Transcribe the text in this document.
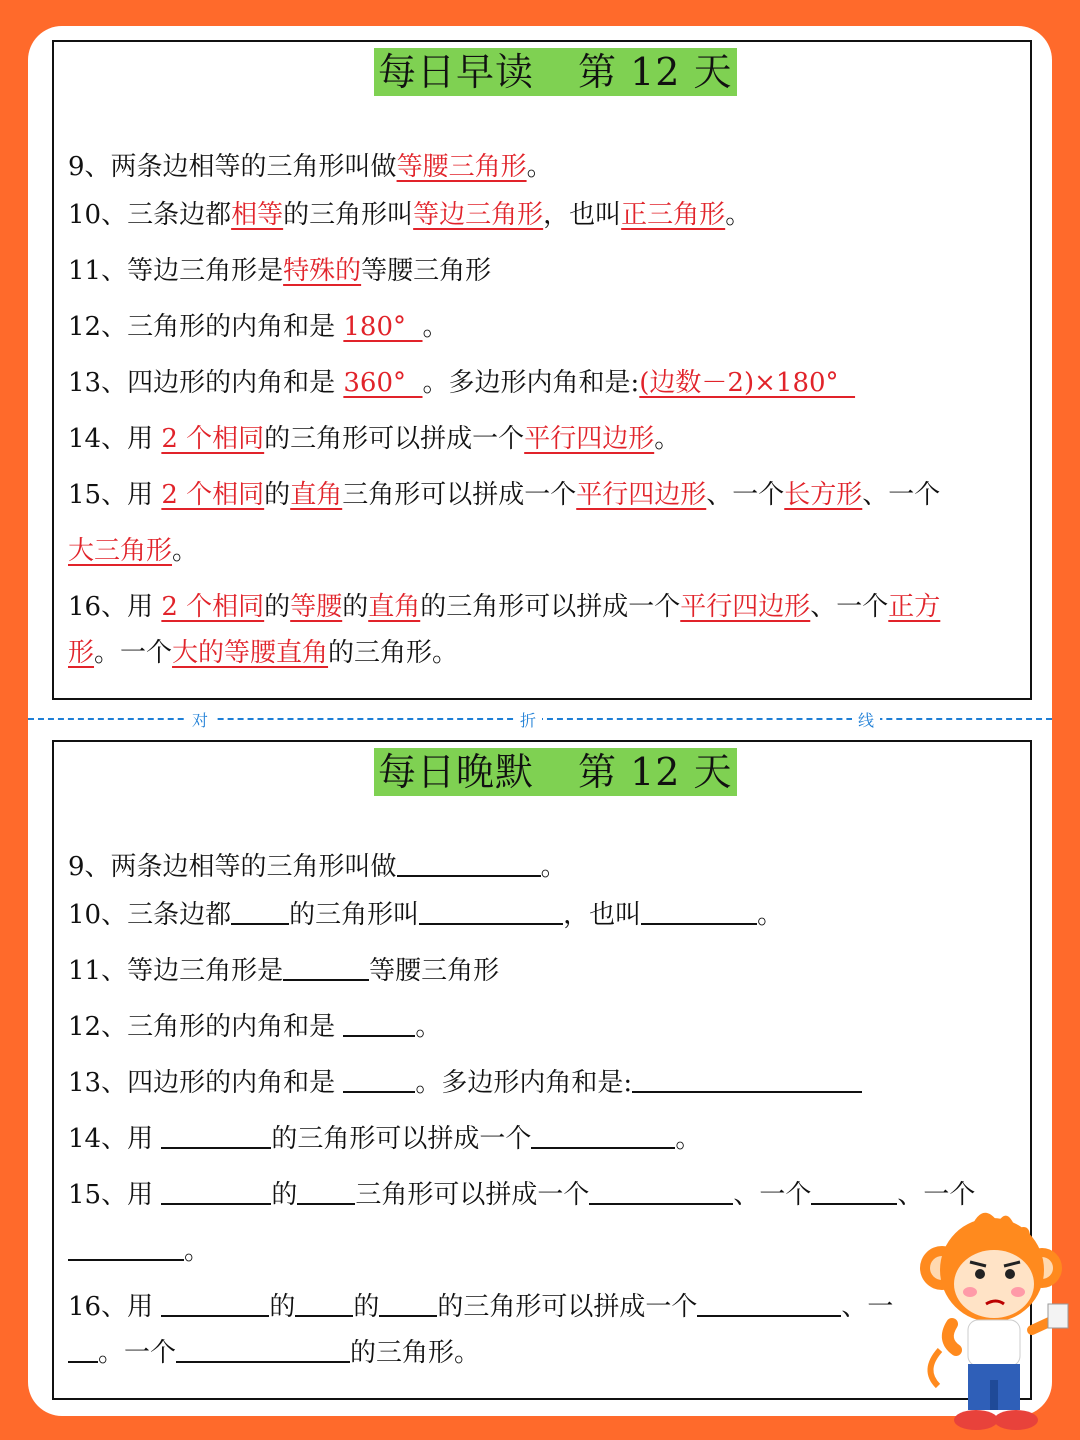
每日早读 第 12 天
9、两条边相等的三角形叫做等腰三角形。
10、三条边都相等的三角形叫等边三角形，也叫正三角形。
11、等边三角形是特殊的等腰三角形
12、三角形的内角和是 180°  。
13、四边形的内角和是 360°  。多边形内角和是:(边数－2)×180°
14、用 2 个相同的三角形可以拼成一个平行四边形。
15、用 2 个相同的直角三角形可以拼成一个平行四边形、一个长方形、一个
大三角形。
16、用 2 个相同的等腰的直角的三角形可以拼成一个平行四边形、一个正方
形。一个大的等腰直角的三角形。
对	折	线
每日晚默 第 12 天
9、两条边相等的三角形叫做	。
10、三条边都 的三角形叫	，也叫	。
11、等边三角形是	等腰三角形
12、三角形的内角和是	。
13、四边形的内角和是	。多边形内角和是:
14、用	的三角形可以拼成一个	。
15、用	的 三角形可以拼成一个	、一个	、一个
。
16、用	的 的 的三角形可以拼成一个	、一
。一个	的三角形。
